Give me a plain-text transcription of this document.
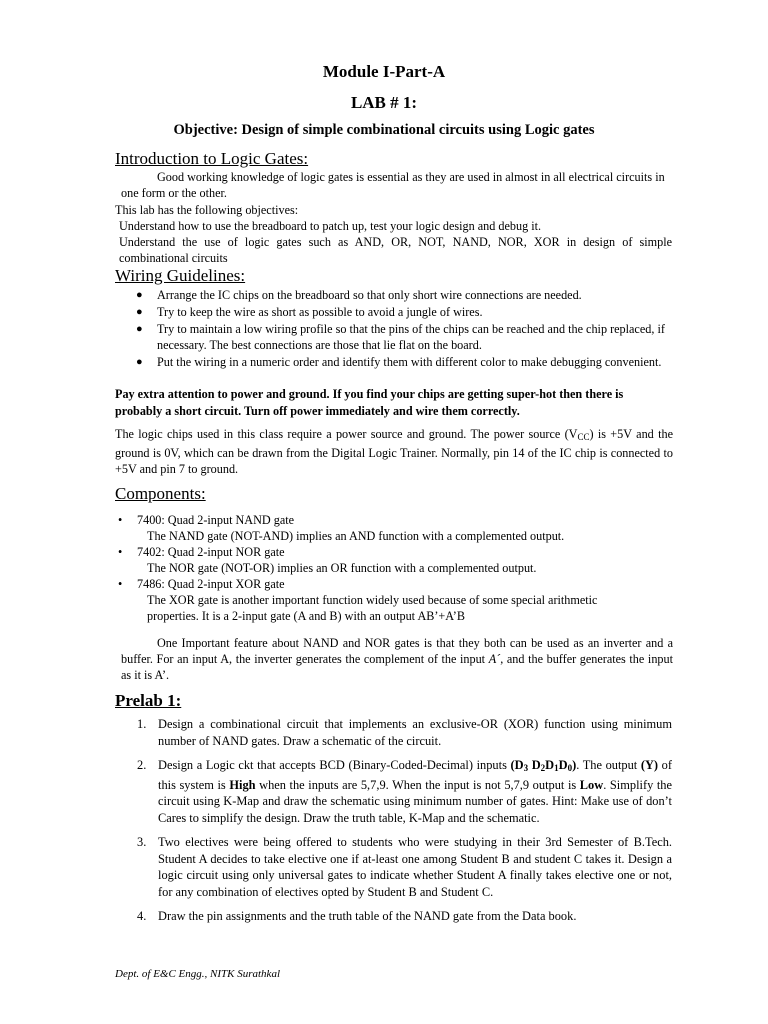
Module I-Part-A
LAB # 1:
Objective: Design of simple combinational circuits using Logic gates
Introduction to Logic Gates:

Good working knowledge of logic gates is essential as they are used in almost in all electrical circuits in one form or the other.

This lab has the following objectives:

Understand how to use the breadboard to patch up, test your logic design and debug it.

Understand the use of logic gates such as AND, OR, NOT, NAND, NOR, XOR in design of simple combinational circuits

Wiring Guidelines:
● Arrange the IC chips on the breadboard so that only short wire connections are needed.
● Try to keep the wire as short as possible to avoid a jungle of wires.
● Try to maintain a low wiring profile so that the pins of the chips can be reached and the chip replaced, if necessary. The best connections are those that lie flat on the board.
● Put the wiring in a numeric order and identify them with different color to make debugging convenient.

Pay extra attention to power and ground. If you find your chips are getting super-hot then there is probably a short circuit. Turn off power immediately and wire them correctly.

The logic chips used in this class require a power source and ground. The power source $(V_{CC})$ is +5V and the ground is 0V, which can be drawn from the Digital Logic Trainer. Normally, pin 14 of the IC chip is connected to +5V and pin 7 to ground.

Components:
• 7400: Quad 2-input NAND gate
The NAND gate (NOT-AND) implies an AND function with a complemented output.
• 7402: Quad 2-input NOR gate
The NOR gate (NOT-OR) implies an OR function with a complemented output.
• 7486: Quad 2-input XOR gate
The XOR gate is another important function widely used because of some special arithmetic properties. It is a 2-input gate (A and B) with an output AB’+A’B

One Important feature about NAND and NOR gates is that they both can be used as an inverter and a buffer. For an input A, the inverter generates the complement of the input A´, and the buffer generates the input as it is A’.

Prelab 1:
1. Design a combinational circuit that implements an exclusive-OR (XOR) function using minimum number of NAND gates. Draw a schematic of the circuit.
2. Design a Logic ckt that accepts BCD (Binary-Coded-Decimal) inputs ($D_3$ $D_2D_1D_0$). The output (Y) of this system is High when the inputs are 5,7,9. When the input is not 5,7,9 output is Low. Simplify the circuit using K-Map and draw the schematic using minimum number of gates. Hint: Make use of don’t Cares to simplify the design. Draw the truth table, K-Map and the schematic.
3. Two electives were being offered to students who were studying in their 3rd Semester of B.Tech. Student A decides to take elective one if at-least one among Student B and student C takes it. Design a logic circuit using only universal gates to indicate whether Student A finally takes elective one or not, for any combination of electives opted by Student B and Student C.
4. Draw the pin assignments and the truth table of the NAND gate from the Data book.
Dept. of E&C Engg., NITK Surathkal
